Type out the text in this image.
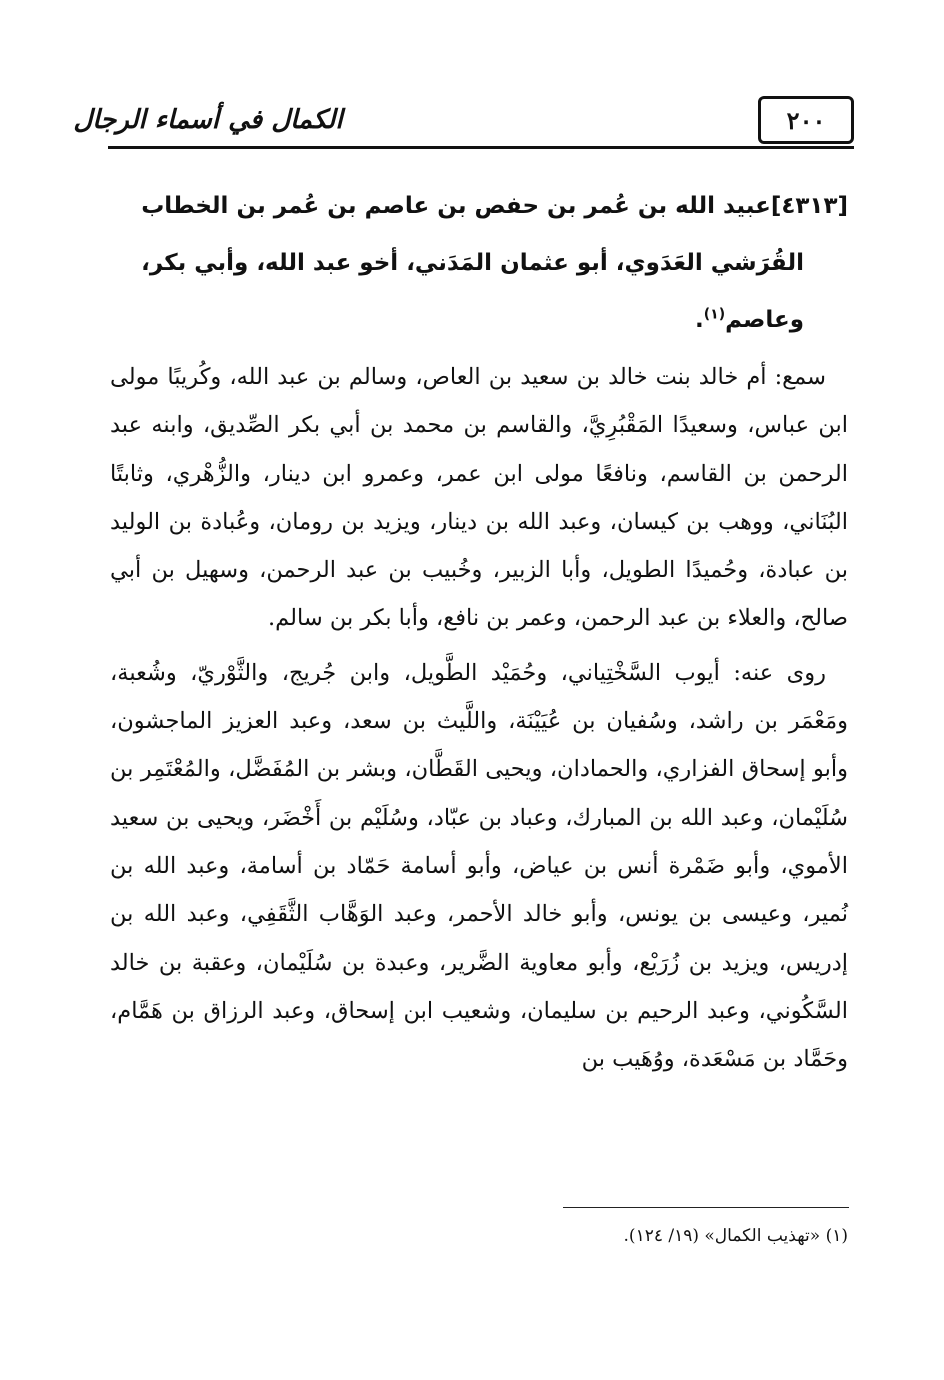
الكمال في أسماء الرجال	٢٠٠

[٤٣١٣]عبيد الله بن عُمر بن حفص بن عاصم بن عُمر بن الخطاب
القُرَشي العَدَوي، أبو عثمان المَدَني، أخو عبد الله، وأبي بكر،
وعاصم$^{(١)}$.

سمع: أم خالد بنت خالد بن سعيد بن العاص، وسالم بن عبد الله، وكُريبًا مولى ابن عباس، وسعيدًا المَقْبُرِيَّ، والقاسم بن محمد بن أبي بكر الصِّديق، وابنه عبد الرحمن بن القاسم، ونافعًا مولى ابن عمر، وعمرو ابن دينار، والزُّهْري، وثابتًا البُنَاني، ووهب بن كيسان، وعبد الله بن دينار، ويزيد بن رومان، وعُبادة بن الوليد بن عبادة، وحُميدًا الطويل، وأبا الزبير، وخُبيب بن عبد الرحمن، وسهيل بن أبي صالح، والعلاء بن عبد الرحمن، وعمر بن نافع، وأبا بكر بن سالم.

روى عنه: أيوب السَّخْتِياني، وحُمَيْد الطَّويل، وابن جُريج، والثَّوْريّ، وشُعبة، ومَعْمَر بن راشد، وسُفيان بن عُيَيْنَة، واللَّيث بن سعد، وعبد العزيز الماجشون، وأبو إسحاق الفزاري، والحمادان، ويحيى القَطَّان، وبشر بن المُفَضَّل، والمُعْتَمِر بن سُلَيْمان، وعبد الله بن المبارك، وعباد بن عبّاد، وسُلَيْم بن أَخْضَر، ويحيى بن سعيد الأموي، وأبو ضَمْرة أنس بن عياض، وأبو أسامة حَمّاد بن أسامة، وعبد الله بن نُمير، وعيسى بن يونس، وأبو خالد الأحمر، وعبد الوَهَّاب الثَّقَفِي، وعبد الله بن إدريس، ويزيد بن زُرَيْع، وأبو معاوية الضَّرير، وعبدة بن سُلَيْمان، وعقبة بن خالد السَّكُوني، وعبد الرحيم بن سليمان، وشعيب ابن إسحاق، وعبد الرزاق بن هَمَّام، وحَمَّاد بن مَسْعَدة، ووُهَيب بن

(١) «تهذيب الكمال» (١٩/ ١٢٤).
